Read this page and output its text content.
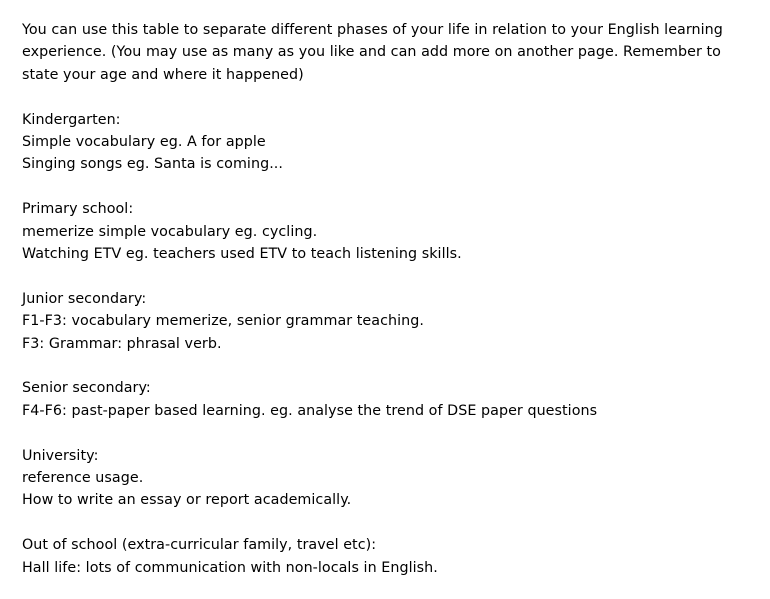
You can use this table to separate different phases of your life in relation to your English learning

experience. (You may use as many as you like and can add more on another page. Remember to

state your age and where it happened)

Kindergarten:

Simple vocabulary eg. A for apple

Singing songs eg. Santa is coming...

Primary school:

memerize simple vocabulary eg. cycling.

Watching ETV eg. teachers used ETV to teach listening skills.

Junior secondary:

F1-F3: vocabulary memerize, senior grammar teaching.

F3: Grammar: phrasal verb.

Senior secondary:

F4-F6: past-paper based learning. eg. analyse the trend of DSE paper questions

University:

reference usage.

How to write an essay or report academically.

Out of school (extra-curricular family, travel etc):

Hall life: lots of communication with non-locals in English.
